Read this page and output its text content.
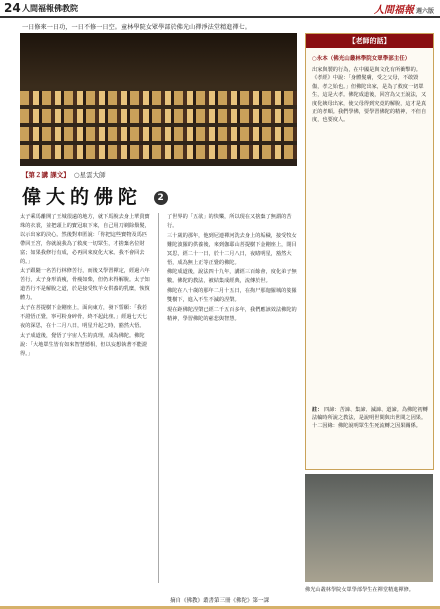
24 人間福報佛教院	人間福報 週六版
一日修來一日功，一日不修一日空。童林學院女眾學部於佛光山禪淨法堂精進禪七。
【老師的話】
○永本（佛光山叢林學院女眾學部主任）
出家與製的行為，在中國是與文化有所衝擊的。《孝經》中說：「身體髮膚，受之父母，不敢毀傷，孝之始也。」但佛陀出家，是為了救度一切眾生，這是大孝。佛陀成道後，回宮為父王說法，又度化姨母出家，使父母得到究竟的解脫，這才是真正的孝順。我們學佛，要學習佛陀的精神，不但自度，也要度人。
註： 四諦：苦諦、集諦、滅諦、道諦。為佛陀初轉法輪時所說之教法，是說明世間與出世間之因果。十二因緣：佛陀說明眾生生死流轉之因果關係。
佛光山叢林學院女眾學部學生在禪堂精進禪修。
【第２講 課文】 ○星雲大師
偉大的佛陀 2

太子乘馬離開了王城很遠的地方，就下馬脫去身上華貴寶珠的衣裳，並把頭上的寶冠取下來，自己用刀剃除鬚髮，以示出家的決心。然後對車匿說：「你把這些寶物及馬匹帶回王宮，你就說我為了救度一切眾生，才捨棄名位財富；如果我修行有成，必再回來度化大家。我不會回去的。」

太子跟隨一名苦行林修苦行，而後又學習禪定，經過六年苦行，太子身形消瘦，骨瘦如柴，但仍未得解脫。太子知道苦行不是解脫之道，於是接受牧羊女供養的乳糜，恢復體力。

太子在菩提樹下金剛座上，面向東方，發下誓願：「我若不證悟正覺，寧可粉身碎骨，終不起此座。」經過七天七夜的深思，在十二月八日，明星升起之時，豁然大悟。

太子成道後，覺悟了宇宙人生的真理，成為佛陀。佛陀說：「大地眾生皆有如來智慧德相，但以妄想執著不能證得。」

了世界的「五欲」的快樂，所以現在又捨棄了無謂的苦行。

三十歲的那年，他到尼連禪河洗去身上的垢穢，接受牧女難陀波羅的供養後，來到伽耶山菩提樹下金剛座上，閉目冥思，經二十一日，於十二月八日，夜睹明星，豁然大悟，成為無上正等正覺的佛陀。

佛陀成道後，說法四十九年，講經三百餘會，度化弟子無數。佛陀的教法，被結集成經典，流傳於世。

佛陀在八十歲的那年二月十五日，在拘尸那迦羅城的娑羅雙樹下，進入不生不滅的涅槃。

現在距佛陀涅槃已經二千五百多年，我們應該效法佛陀的精神，學習佛陀的慈悲與智慧。

摘自《佛教》叢書第三冊《佛陀》第一課
